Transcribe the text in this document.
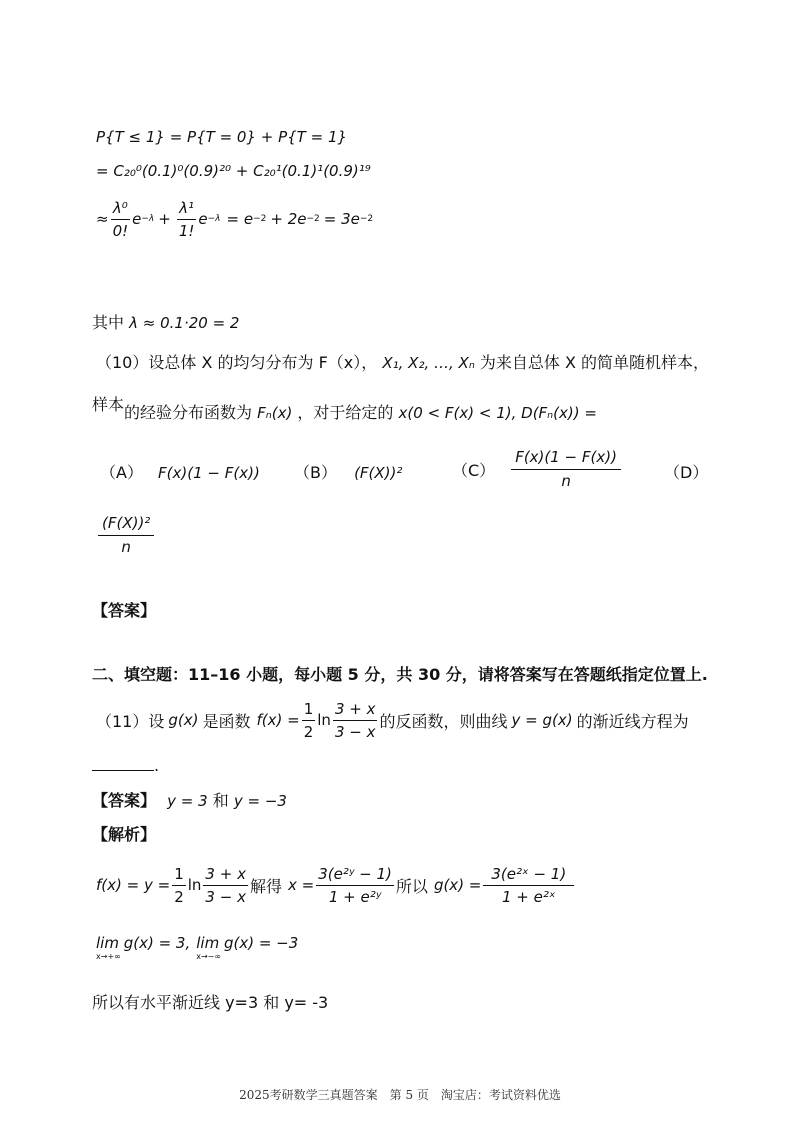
P{T ≤ 1} = P{T = 0} + P{T = 1}
= C₂₀⁰(0.1)⁰(0.9)²⁰ + C₂₀¹(0.1)¹(0.9)¹⁹
≈ $\frac{\text{λ⁰}}{0!}$ $e -\lambda + \frac{\text{λ¹}}{1!}$ e −λ = e −2 + 2e −2 = 3e −2
其中 λ ≈ 0.1·20 = 2
（10）设总体 X 的均匀分布为 F（x）， X₁, X₂, …, Xₙ 为来自总体 X 的简单随机样本，
样本的经验分布函数为 Fₙ(x) ，对于给定的 x(0 < F(x) < 1), D(Fₙ(x)) =
（A） F(x)(1 − F(x)) （B） (F(X))²	$(C) \frac{F(x)(1 - F(x))}{n}$	（D）
$\frac{\text{(F(X))²}}{n}$
【答案】
二、填空题：11–16 小题，每小题 5 分，共 30 分，请将答案写在答题纸指定位置上.
（11）设 g(x) 是函数 $f(x) = \frac{1}{2}$ $\ln \frac{3 + x}{3 - x}$ 的反函数，则曲线 y = g(x) 的渐近线方程为
.
【答案】 y = 3 和 y = −3
【解析】
$f(x) = y = \frac{1}{2}$ $\ln \frac{3 + x}{3 - x}$ 解得 $x = \frac{\text{3(e²ʸ − 1)}}{\text{1 + e²ʸ}}$ 所以 $g(x) = \frac{\text{3(e²ˣ − 1)}}{\text{1 + e²ˣ}}$
lim g(x) = 3,
x→+∞
lim g(x) = −3
x→−∞
所以有水平渐近线 y=3 和 y= -3
2025考研数学三真题答案　第 5 页　淘宝店：考试资料优选
